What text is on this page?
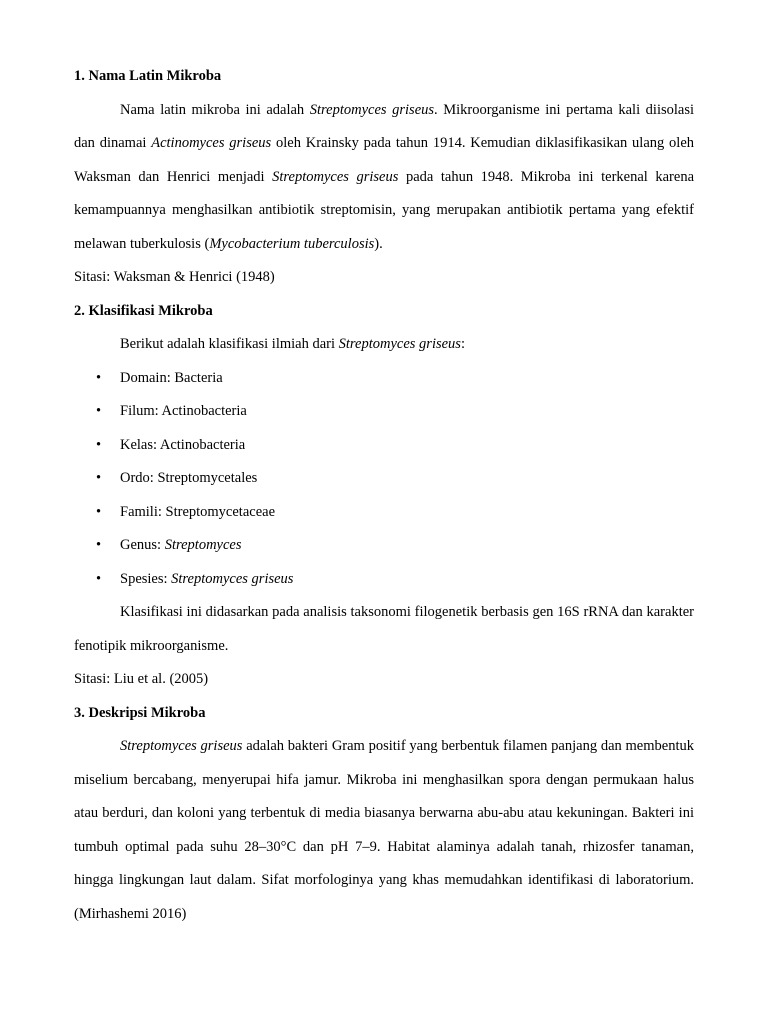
1. Nama Latin Mikroba

Nama latin mikroba ini adalah Streptomyces griseus. Mikroorganisme ini pertama kali diisolasi dan dinamai Actinomyces griseus oleh Krainsky pada tahun 1914. Kemudian diklasifikasikan ulang oleh Waksman dan Henrici menjadi Streptomyces griseus pada tahun 1948. Mikroba ini terkenal karena kemampuannya menghasilkan antibiotik streptomisin, yang merupakan antibiotik pertama yang efektif melawan tuberkulosis (Mycobacterium tuberculosis).

Sitasi: Waksman & Henrici (1948)

2. Klasifikasi Mikroba

Berikut adalah klasifikasi ilmiah dari Streptomyces griseus:

• Domain: Bacteria
• Filum: Actinobacteria
• Kelas: Actinobacteria
• Ordo: Streptomycetales
• Famili: Streptomycetaceae
• Genus: Streptomyces
• Spesies: Streptomyces griseus

Klasifikasi ini didasarkan pada analisis taksonomi filogenetik berbasis gen 16S rRNA dan karakter fenotipik mikroorganisme.

Sitasi: Liu et al. (2005)

3. Deskripsi Mikroba

Streptomyces griseus adalah bakteri Gram positif yang berbentuk filamen panjang dan membentuk miselium bercabang, menyerupai hifa jamur. Mikroba ini menghasilkan spora dengan permukaan halus atau berduri, dan koloni yang terbentuk di media biasanya berwarna abu-abu atau kekuningan. Bakteri ini tumbuh optimal pada suhu 28–30°C dan pH 7–9. Habitat alaminya adalah tanah, rhizosfer tanaman, hingga lingkungan laut dalam. Sifat morfologinya yang khas memudahkan identifikasi di laboratorium. (Mirhashemi 2016)
